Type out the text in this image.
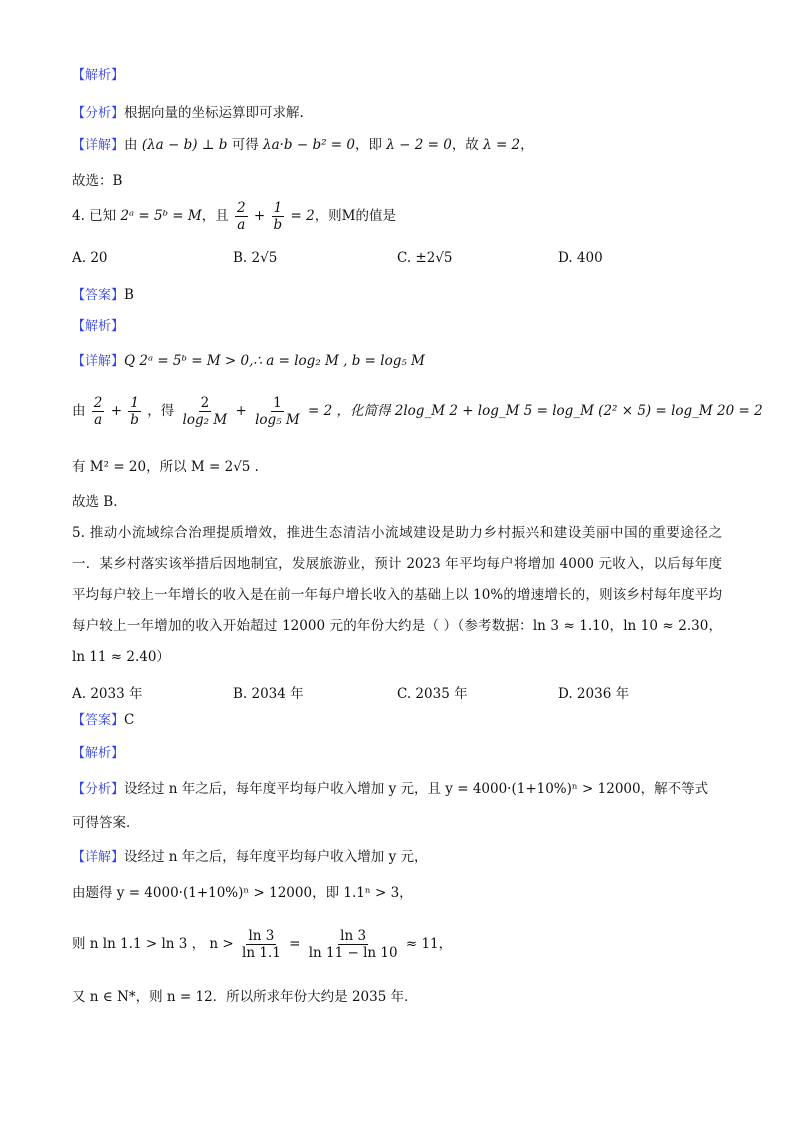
【解析】
【分析】根据向量的坐标运算即可求解.
【详解】由 (λa − b) ⊥ b 可得 λa·b − b² = 0，即 λ − 2 = 0，故 λ = 2，
故选：B
4. 已知 2ᵃ = 5ᵇ = M，且 $\frac{2}{a} + \frac{1}{b} = 2$，则M的值是
A. 20	B. 2√5	C. ±2√5	D. 400
【答案】B
【解析】
【详解】Q 2ᵃ = 5ᵇ = M > 0,∴ a = log₂ M , b = log₅ M
由 $\frac{2}{a} + \frac{1}{b}$ ，得 $\frac{2}{\text{log₂ M}} + \frac{1}{\text{log₅ M}} = 2$ ，化简得 2log_M 2 + log_M 5 = log_M (2² × 5) = log_M 20 = 2
有 M² = 20，所以 M = 2√5 .
故选 B.
5. 推动小流域综合治理提质增效，推进生态清洁小流域建设是助力乡村振兴和建设美丽中国的重要途径之一．某乡村落实该举措后因地制宜，发展旅游业，预计 2023 年平均每户将增加 4000 元收入，以后每年度平均每户较上一年增长的收入是在前一年每户增长收入的基础上以 10%的增速增长的，则该乡村每年度平均每户较上一年增加的收入开始超过 12000 元的年份大约是（ ）（参考数据：ln 3 ≈ 1.10，ln 10 ≈ 2.30，ln 11 ≈ 2.40）
A. 2033 年	B. 2034 年	C. 2035 年	D. 2036 年
【答案】C
【解析】
【分析】设经过 n 年之后，每年度平均每户收入增加 y 元，且 y = 4000·(1+10%)ⁿ > 12000，解不等式
可得答案．
【详解】设经过 n 年之后，每年度平均每户收入增加 y 元，
由题得 y = 4000·(1+10%)ⁿ > 12000，即 1.1ⁿ > 3，
则 n ln 1.1 > ln 3 ， $n > \frac{\ln 3}{\ln 1.1} = \frac{\ln 3}{\ln 11 - \ln 10} \approx 11$，
又 n ∈ N*，则 n = 12．所以所求年份大约是 2035 年．
